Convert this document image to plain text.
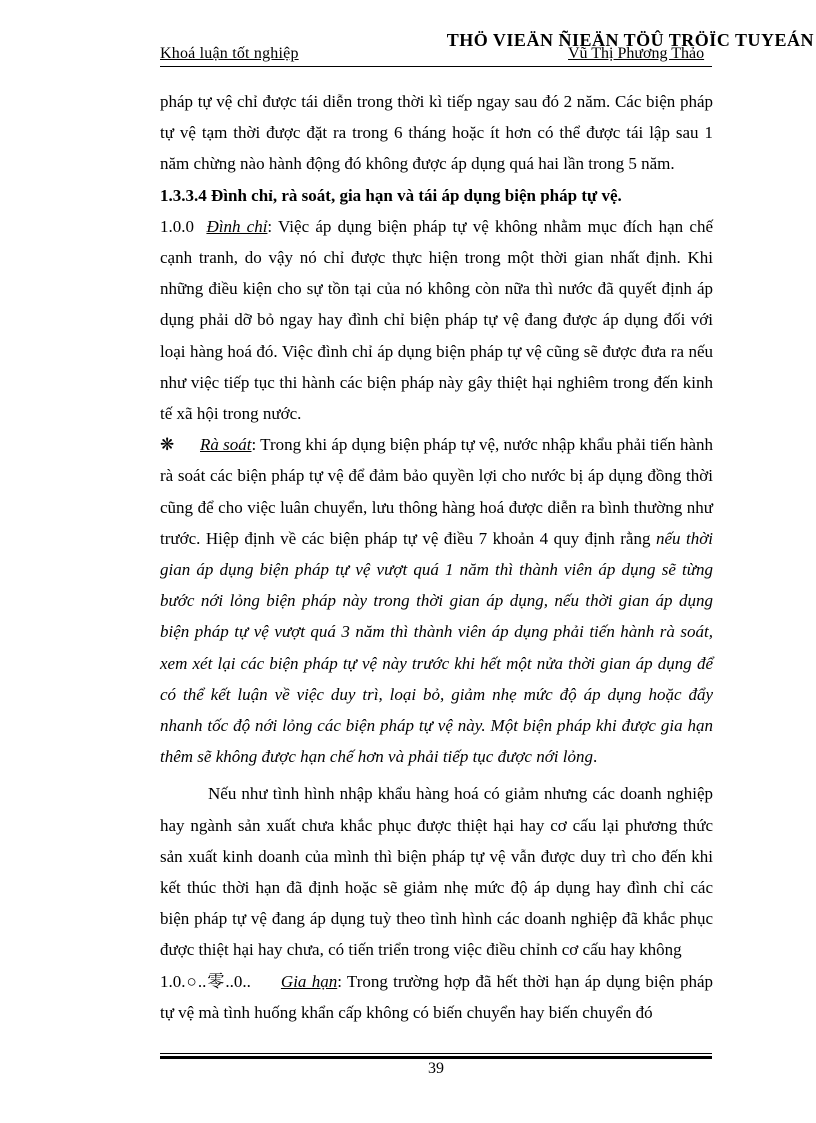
Khoá luận tốt nghiệp	Vũ Thị Phương Thảo
THÖ VIEÄN ÑIEÄN TÖÛ TRÖÏC TUYEÁN

pháp tự vệ chỉ được tái diễn trong thời kì tiếp ngay sau đó 2 năm. Các biện pháp tự vệ tạm thời được đặt ra trong 6 tháng hoặc ít hơn có thể được tái lập sau 1 năm chừng nào hành động đó không được áp dụng quá hai lần trong 5 năm.

1.3.3.4 Đình chỉ, rà soát, gia hạn và tái áp dụng biện pháp tự vệ.

1.0.0 Đình chỉ: Việc áp dụng biện pháp tự vệ không nhằm mục đích hạn chế cạnh tranh, do vậy nó chỉ được thực hiện trong một thời gian nhất định. Khi những điều kiện cho sự tồn tại của nó không còn nữa thì nước đã quyết định áp dụng phải dỡ bỏ ngay hay đình chỉ biện pháp tự vệ đang được áp dụng đối với loại hàng hoá đó. Việc đình chỉ áp dụng biện pháp tự vệ cũng sẽ được đưa ra nếu như việc tiếp tục thi hành các biện pháp này gây thiệt hại nghiêm trong đến kinh tế xã hội trong nước.

❋ Rà soát: Trong khi áp dụng biện pháp tự vệ, nước nhập khẩu phải tiến hành rà soát các biện pháp tự vệ để đảm bảo quyền lợi cho nước bị áp dụng đồng thời cũng để cho việc luân chuyển, lưu thông hàng hoá được diễn ra bình thường như trước. Hiệp định về các biện pháp tự vệ điều 7 khoản 4 quy định rằng nếu thời gian áp dụng biện pháp tự vệ vượt quá 1 năm thì thành viên áp dụng sẽ từng bước nới lỏng biện pháp này trong thời gian áp dụng, nếu thời gian áp dụng biện pháp tự vệ vượt quá 3 năm thì thành viên áp dụng phải tiến hành rà soát, xem xét lại các biện pháp tự vệ này trước khi hết một nửa thời gian áp dụng để có thể kết luận về việc duy trì, loại bỏ, giảm nhẹ mức độ áp dụng hoặc đẩy nhanh tốc độ nới lỏng các biện pháp tự vệ này. Một biện pháp khi được gia hạn thêm sẽ không được hạn chế hơn và phải tiếp tục được nới lỏng.

Nếu như tình hình nhập khẩu hàng hoá có giảm nhưng các doanh nghiệp hay ngành sản xuất chưa khắc phục được thiệt hại hay cơ cấu lại phương thức sản xuất kinh doanh của mình thì biện pháp tự vệ vẫn được duy trì cho đến khi kết thúc thời hạn đã định hoặc sẽ giảm nhẹ mức độ áp dụng hay đình chỉ các biện pháp tự vệ đang áp dụng tuỳ theo tình hình các doanh nghiệp đã khắc phục được thiệt hại hay chưa, có tiến triển trong việc điều chỉnh cơ cấu hay không

1.0.○..零..0.. Gia hạn: Trong trường hợp đã hết thời hạn áp dụng biện pháp tự vệ mà tình huống khẩn cấp không có biến chuyển hay biến chuyển đó

39
